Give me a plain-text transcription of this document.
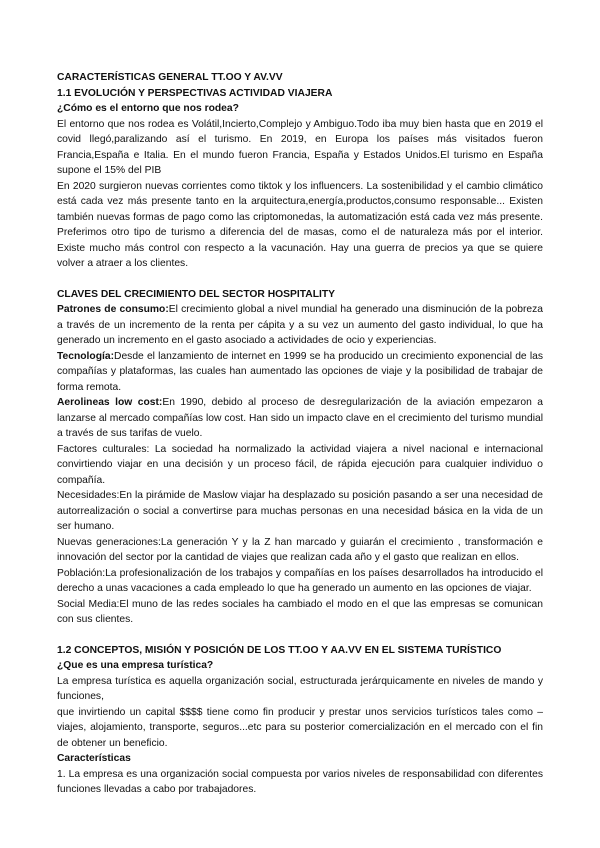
CARACTERÍSTICAS GENERAL TT.OO Y AV.VV
1.1 EVOLUCIÓN Y PERSPECTIVAS ACTIVIDAD VIAJERA
¿Cómo es el entorno que nos rodea?

El entorno que nos rodea es Volátil,Incierto,Complejo y Ambiguo.Todo iba muy bien hasta que en 2019 el covid llegó,paralizando así el turismo. En 2019, en Europa los países más visitados fueron Francia,España e Italia. En el mundo fueron Francia, España y Estados Unidos.El turismo en España supone el 15% del PIB

En 2020 surgieron nuevas corrientes como tiktok y los influencers. La sostenibilidad y el cambio climático está cada vez más presente tanto en la arquitectura,energía,productos,consumo responsable... Existen también nuevas formas de pago como las criptomonedas, la automatización está cada vez más presente. Preferimos otro tipo de turismo a diferencia del de masas, como el de naturaleza más por el interior. Existe mucho más control con respecto a la vacunación. Hay una guerra de precios ya que se quiere volver a atraer a los clientes.

CLAVES DEL CRECIMIENTO DEL SECTOR HOSPITALITY

Patrones de consumo:El crecimiento global a nivel mundial ha generado una disminución de la pobreza a través de un incremento de la renta per cápita y a su vez un aumento del gasto individual, lo que ha generado un incremento en el gasto asociado a actividades de ocio y experiencias.

Tecnología:Desde el lanzamiento de internet en 1999 se ha producido un crecimiento exponencial de las compañías y plataformas, las cuales han aumentado las opciones de viaje y la posibilidad de trabajar de forma remota.

Aerolineas low cost:En 1990, debido al proceso de desregularización de la aviación empezaron a lanzarse al mercado compañías low cost. Han sido un impacto clave en el crecimiento del turismo mundial a través de sus tarifas de vuelo.

Factores culturales: La sociedad ha normalizado la actividad viajera a nivel nacional e internacional convirtiendo viajar en una decisión y un proceso fácil, de rápida ejecución para cualquier individuo o compañía.

Necesidades:En la pirámide de Maslow viajar ha desplazado su posición pasando a ser una necesidad de autorrealización o social a convertirse para muchas personas en una necesidad básica en la vida de un ser humano.

Nuevas generaciones:La generación Y y la Z han marcado y guiarán el crecimiento , transformación e innovación del sector por la cantidad de viajes que realizan cada año y el gasto que realizan en ellos.

Población:La profesionalización de los trabajos y compañías en los países desarrollados ha introducido el derecho a unas vacaciones a cada empleado lo que ha generado un aumento en las opciones de viajar.

Social Media:El muno de las redes sociales ha cambiado el modo en el que las empresas se comunican con sus clientes.

1.2 CONCEPTOS, MISIÓN Y POSICIÓN DE LOS TT.OO Y AA.VV EN EL SISTEMA TURÍSTICO
¿Que es una empresa turística?

La empresa turística es aquella organización social, estructurada jerárquicamente en niveles de mando y funciones,

que invirtiendo un capital $$$$ tiene como fin producir y prestar unos servicios turísticos tales como – viajes, alojamiento, transporte, seguros...etc para su posterior comercialización en el mercado con el fin de obtener un beneficio.

Características

1. La empresa es una organización social compuesta por varios niveles de responsabilidad con diferentes funciones llevadas a cabo por trabajadores.
